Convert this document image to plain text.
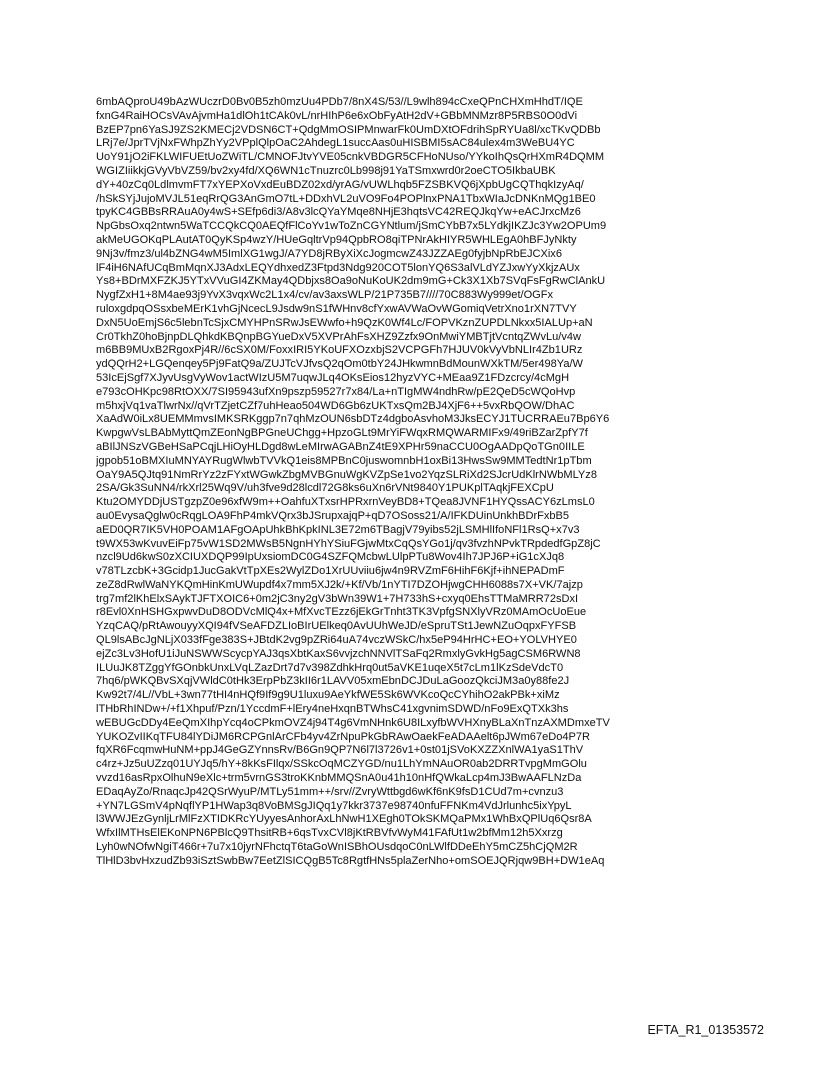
6mbAQproU49bAzWUczrD0Bv0B5zh0mzUu4PDb7/8nX4S/53//L9wlh894cCxeQPnCHXmHhdT/IQE
fxnG4RaiHOCsVAvAjvmHa1dlOh1tCAk0vL/nrHIhP6e6xObFyAtH2dV+GBbMNMzr8P5RBS0O0dVi
BzEP7pn6YaSJ9ZS2KMECj2VDSN6CT+QdgMmOSIPMnwarFk0UmDXtOFdrihSpRYUa8l/xcTKvQDBb
LRj7e/JprTVjNxFWhpZhYy2VPplQlpOaC2AhdegL1succAas0uHISBMI5sAC84ulex4m3WeBU4YC
UoY91jO2iFKLWIFUEtUoZWiTL/CMNOFJtvYVE05cnkVBDGR5CFHoNUso/YYkoIhQsQrHXmR4DQMM
WGIZIiikkjGVyVbVZ59/bv2xy4fd/XQ6WN1cTnuzrc0Lb998j91YaTSmxwrd0r2oeCTO5IkbaUBK
dY+40zCq0LdlmvmFT7xYEPXoVxdEuBDZ02xd/yrAG/vUWLhqb5FZSBKVQ6jXpbUgCQThqkIzyAq/
/hSkSYjJujoMVJL51eqRrQG3AnGmO7tL+DDxhVL2uVO9Fo4POPlnxPNA1TbxWIaJcDNKnMQg1BE0
tpyKC4GBBsRRAuA0y4wS+SEfp6di3/A8v3lcQYaYMqe8NHjE3hqtsVC42REQJkqYw+eACJrxcMz6
NpGbsOxq2ntwn5WaTCCQkCQ0AEQfFlCoYv1wToZnCGYNtlum/jSmCYbB7x5LYdkjIKZJc3Yw2OPUm9
akMeUGOKqPLAutAT0QyKSp4wzY/HUeGqltrVp94QpbRO8qiTPNrAkHIYR5WHLEgA0hBFJyNkty
9Nj3v/fmz3/ul4bZNG4wM5ImlXG1wgJ/A7YD8jRByXiXcJogmcwZ43JZZAEg0fyjbNpRbEJCXix6
lF4iH6NAfUCqBmMqnXJ3AdxLEQYdhxedZ3Ftpd3Ndg920COT5lonYQ6S3alVLdYZJxwYyXkjzAUx
Ys8+BDrMXFZKJ5YTxVVuGI4ZKMay4QDbjxs8Oa9oNuKoUK2dm9mG+Ck3X1Xb7SVqFsFgRwClAnkU
NygfZxH1+8M4ae93j9YvX3vqxWc2L1x4/cv/av3axsWLP/21P735B7////70C883Wy999et/OGFx
ruloxgdpqOSsxbeMErK1vhGjNcecL9Jsdw9nS1fWHnv8cfYxwAVWaOvWGomiqVetrXno1rXN7TVY
DxN5UoEmjS6c5lebnTcSjxCMYHPnSRwJsEWwfo+h9QzK0Wf4Lc/FOPVKznZUPDLNkxx5IALUp+aN
Cr0TkhZ0hoBjnpDLQhkdKBQnpBGYueDxV5XVPrAhFsXHZ9Zzfx9OnMwiYMBTjtVcntqZWvLu/v4w
m6BB9MUxB2RgoxPj4R//6cSX0M/FoxxIRI5YKoUFXOzxbjS2VCPGFh7HJUV0kVyVbNLIr4Zb1URz
ydQQrH2+LGQenqey5Pj9FatQ9a/ZUJTcVJfvsQ2qOm0tbY24JHkwmnBdMounWXkTM/5er498Ya/W
53IcEjSgf7XJyvUsgVyWov1actWIzU5M7uqwJLq4OKsEios12hyzVYC+MEaa9Z1FDzcrcy/4cMgH
e793cOHKpc98RtOXX/7SI95943ufXn9pszp59527r7x84/La+nTIgMW4ndhRw/pE2QeD5cWQoHvp
m5hxjVq1vaTlwrNx//qVrTZjetCZf7uhHeao504WD6Gb6zUKTxsQm2BJ4XjF6++5vxRbQOW/DhAC
XaAdW0iLx8UEMMmvsIMKSRKggp7n7qhMzOUN6sbDTz4dgboAsvhoM3JksECYJ1TUCRRAEu7Bp6Y6
KwpgwVsLBAbMyttQmZEonNgBPGneUChgg+HpzoGLt9MrYiFWqxRMQWARMIFx9/49riBZarZpfY7f
aBIlJNSzVGBeHSaPCqjLHiOyHLDgd8wLeMIrwAGABnZ4tE9XPHr59naCCU0OgAADpQoTGn0IILE
jgpob51oBMXIuMNYAYRugWlwbTVVkQ1eis8MPBnC0juswomnbH1oxBi13HwsSw9MMTedtNr1pTbm
OaY9A5QJtq91NmRrYz2zFYxtWGwkZbgMVBGnuWgKVZpSe1vo2YqzSLRiXd2SJcrUdKlrNWbMLYz8
2SA/Gk3SuNN4/rkXrl25Wq9V/uh3fve9d28lcdl72G8ks6uXn6rVNt9840Y1PUKplTAqkjFEXCpU
Ktu2OMYDDjUSTgzpZ0e96xfW9m++OahfuXTxsrHPRxrnVeyBD8+TQea8JVNF1HYQssACY6zLmsL0
au0EvysaQglw0cRqgLOA9FhP4mkVQrx3bJSrupxajqP+qD7OSoss21/A/IFKDUinUnkhBDrFxbB5
aED0QR7IK5VH0POAM1AFgOApUhkBhKpkINL3E72m6TBagjV79yibs52jLSMHlIfoNFl1RsQ+x7v3
t9WX53wKvuvEiFp75vW1SD2MWsB5NgnHYhYSiuFGjwMtxCqQsYGo1j/qv3fvzhNPvkTRpdedfGpZ8jC
nzcl9Ud6kwS0zXCIUXDQP99IpUxsiomDC0G4SZFQMcbwLUlpPTu8Wov4Ih7JPJ6P+iG1cXJq8
v78TLzcbK+3Gcidp1JucGakVtTpXEs2WylZDo1XrUUviiu6jw4n9RVZmF6HihF6Kjf+ihNEPADmF
zeZ8dRwlWaNYKQmHinKmUWupdf4x7mm5XJ2k/+Kf/Vb/1nYTI7DZOHjwgCHH6088s7X+VK/7ajzp
trg7mf2lKhElxSAykTJFTXOIC6+0m2jC3ny2gV3bWn39W1+7H733hS+cxyq0EhsTTMaMRR72sDxI
r8Evl0XnHSHGxpwvDuD8ODVcMlQ4x+MfXvcTEzz6jEkGrTnht3TK3VpfgSNXlyVRz0MAmOcUoEue
YzqCAQ/pRtAwouyyXQI94fVSeAFDZLIoBIrUElkeq0AvUUhWeJD/eSpruTSt1JewNZuOqpxFYFSB
QL9lsABcJgNLjX033fFge383S+JBtdK2vg9pZRi64uA74vczWSkC/hx5eP94HrHC+EO+YOLVHYE0
ejZc3Lv3HofU1iJuNSWWScycpYAJ3qsXbtKaxS6vvjzchNNVlTSaFq2RmxlyGvkHg5agCSM6RWN8
ILUuJK8TZggYfGOnbkUnxLVqLZazDrt7d7v398ZdhkHrq0ut5aVKE1uqeX5t7cLm1lKzSdeVdcT0
7hq6/pWKQBvSXqjVWldC0tHk3ErpPbZ3kII6r1LAVV05xmEbnDCJDuLaGoozQkciJM3a0y88fe2J
Kw92t7/4L//VbL+3wn77tHI4nHQf9If9g9U1luxu9AeYkfWE5Sk6WVKcoQcCYhihO2akPBk+xiMz
lTHbRhINDw+/+f1Xhpuf/Pzn/1YccdmF+lEry4neHxqnBTWhsC41xgvnimSDWD/nFo9ExQTXk3hs
wEBUGcDDy4EeQmXIhpYcq4oCPkmOVZ4j94T4g6VmNHnk6U8ILxyfbWVHXnyBLaXnTnzAXMDmxeTV
YUKOZvIIKqTFU84lYDiJM6RCPGnlArCFb4yv4ZrNpuPkGbRAwOaekFeADAAelt6pJWm67eDo4P7R
fqXR6FcqmwHuNM+ppJ4GeGZYnnsRv/B6Gn9QP7N6l7l3726v1+0st01jSVoKXZZXnlWA1yaS1ThV
c4rz+Jz5uUZzq01UYJq5/hY+8kKsFIlqx/SSkcOqMCZYGD/nu1LhYmNAuOR0ab2DRRTvpgMmGOlu
vvzd16asRpxOlhuN9eXlc+trm5vrnGS3troKKnbMMQSnA0u41h10nHfQWkaLcp4mJ3BwAAFLNzDa
EDaqAyZo/RnaqcJp42QSrWyuP/MTLy51mm++/srv//ZvryWttbgd6wKf6nK9fsD1CUd7m+cvnzu3
+YN7LGSmV4pNqflYP1HWap3q8VoBMSgJIQq1y7kkr3737e98740nfuFFNKm4VdJrlunhc5ixYpyL
l3WWJEzGynljLrMlFzXTIDKRcYUyyesAnhorAxLhNwH1XEgh0TOkSKMQaPMx1WhBxQPlUq6Qsr8A
WfxIlMTHsElEKoNPN6PBlcQ9ThsitRB+6qsTvxCVl8jKtRBVfvWyM41FAfUt1w2bfMm12h5Xxrzg
Lyh0wNOfwNgiT466r+7u7x10jyrNFhctqT6taGoWnISBhOUsdqoC0nLWlfDDeEhY5mCZ5hCjQM2R
TlHlD3bvHxzudZb93iSztSwbBw7EetZlSICQgB5Tc8RgtfHNs5plaZerNho+omSOEJQRjqw9BH+DW1eAq
EFTA_R1_01353572
